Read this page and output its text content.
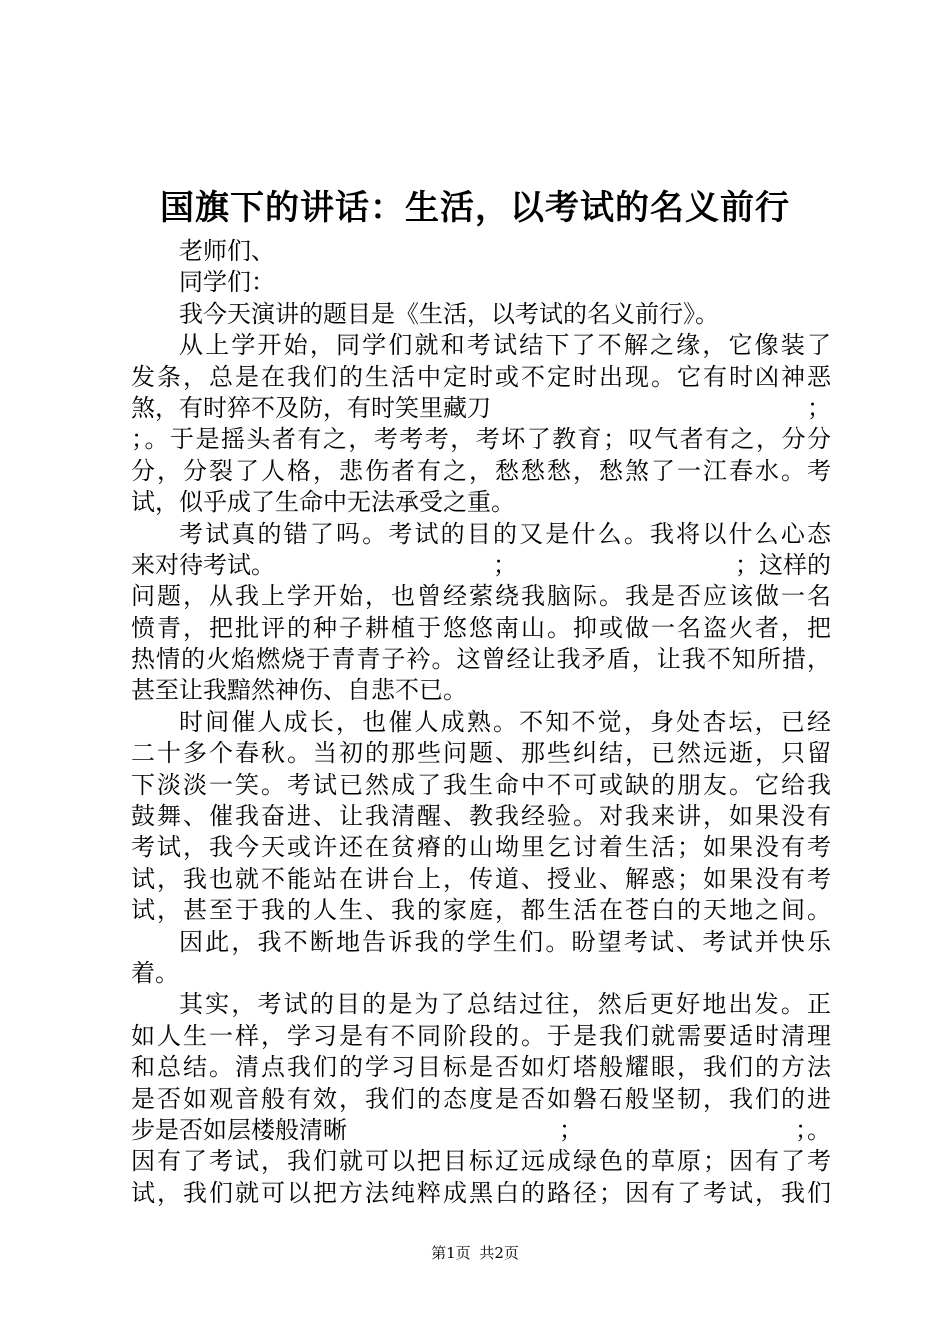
国旗下的讲话：生活，以考试的名义前行
老师们、
同学们：
我今天演讲的题目是《生活，以考试的名义前行》。
从上学开始，同学们就和考试结下了不解之缘，它像装了
发条，总是在我们的生活中定时或不定时出现。它有时凶神恶
煞，有时猝不及防，有时笑里藏刀	；
；。于是摇头者有之，考考考，考坏了教育；叹气者有之，分分
分，分裂了人格，悲伤者有之，愁愁愁，愁煞了一江春水。考
试，似乎成了生命中无法承受之重。
考试真的错了吗。考试的目的又是什么。我将以什么心态
来对待考试。	；	；这样的
问题，从我上学开始，也曾经萦绕我脑际。我是否应该做一名
愤青，把批评的种子耕植于悠悠南山。抑或做一名盗火者，把
热情的火焰燃烧于青青子衿。这曾经让我矛盾，让我不知所措，
甚至让我黯然神伤、自悲不已。
时间催人成长，也催人成熟。不知不觉，身处杏坛，已经
二十多个春秋。当初的那些问题、那些纠结，已然远逝，只留
下淡淡一笑。考试已然成了我生命中不可或缺的朋友。它给我
鼓舞、催我奋进、让我清醒、教我经验。对我来讲，如果没有
考试，我今天或许还在贫瘠的山坳里乞讨着生活；如果没有考
试，我也就不能站在讲台上，传道、授业、解惑；如果没有考
试，甚至于我的人生、我的家庭，都生活在苍白的天地之间。
因此，我不断地告诉我的学生们。盼望考试、考试并快乐
着。
其实，考试的目的是为了总结过往，然后更好地出发。正
如人生一样，学习是有不同阶段的。于是我们就需要适时清理
和总结。清点我们的学习目标是否如灯塔般耀眼，我们的方法
是否如观音般有效，我们的态度是否如磐石般坚韧，我们的进
步是否如层楼般清晰	；	；。
因有了考试，我们就可以把目标辽远成绿色的草原；因有了考
试，我们就可以把方法纯粹成黑白的路径；因有了考试，我们
第1页 共2页
